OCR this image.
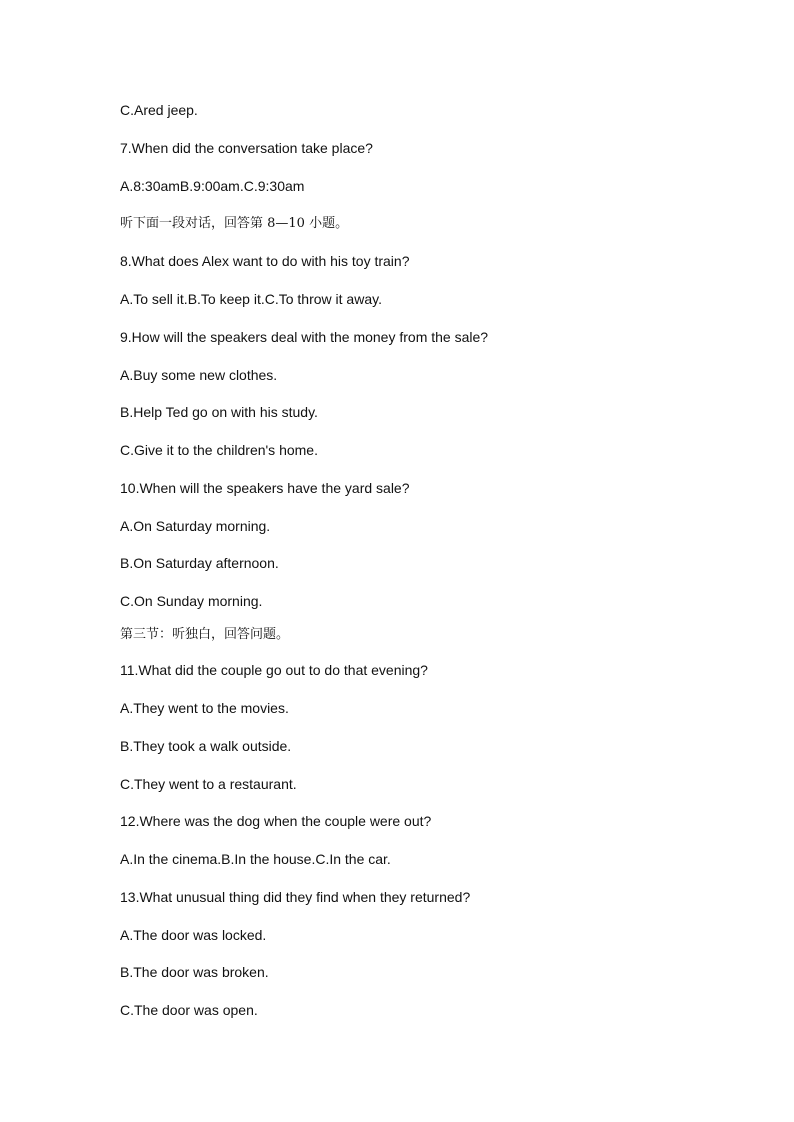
C.Ared jeep.

7.When did the conversation take place?

A.8:30amB.9:00am.C.9:30am

听下面一段对话，回答第 8—10 小题。

8.What does Alex want to do with his toy train?

A.To sell it.B.To keep it.C.To throw it away.

9.How will the speakers deal with the money from the sale?

A.Buy some new clothes.

B.Help Ted go on with his study.

C.Give it to the children's home.

10.When will the speakers have the yard sale?

A.On Saturday morning.

B.On Saturday afternoon.

C.On Sunday morning.

第三节：听独白，回答问题。

11.What did the couple go out to do that evening?

A.They went to the movies.

B.They took a walk outside.

C.They went to a restaurant.

12.Where was the dog when the couple were out?

A.In the cinema.B.In the house.C.In the car.

13.What unusual thing did they find when they returned?

A.The door was locked.

B.The door was broken.

C.The door was open.
